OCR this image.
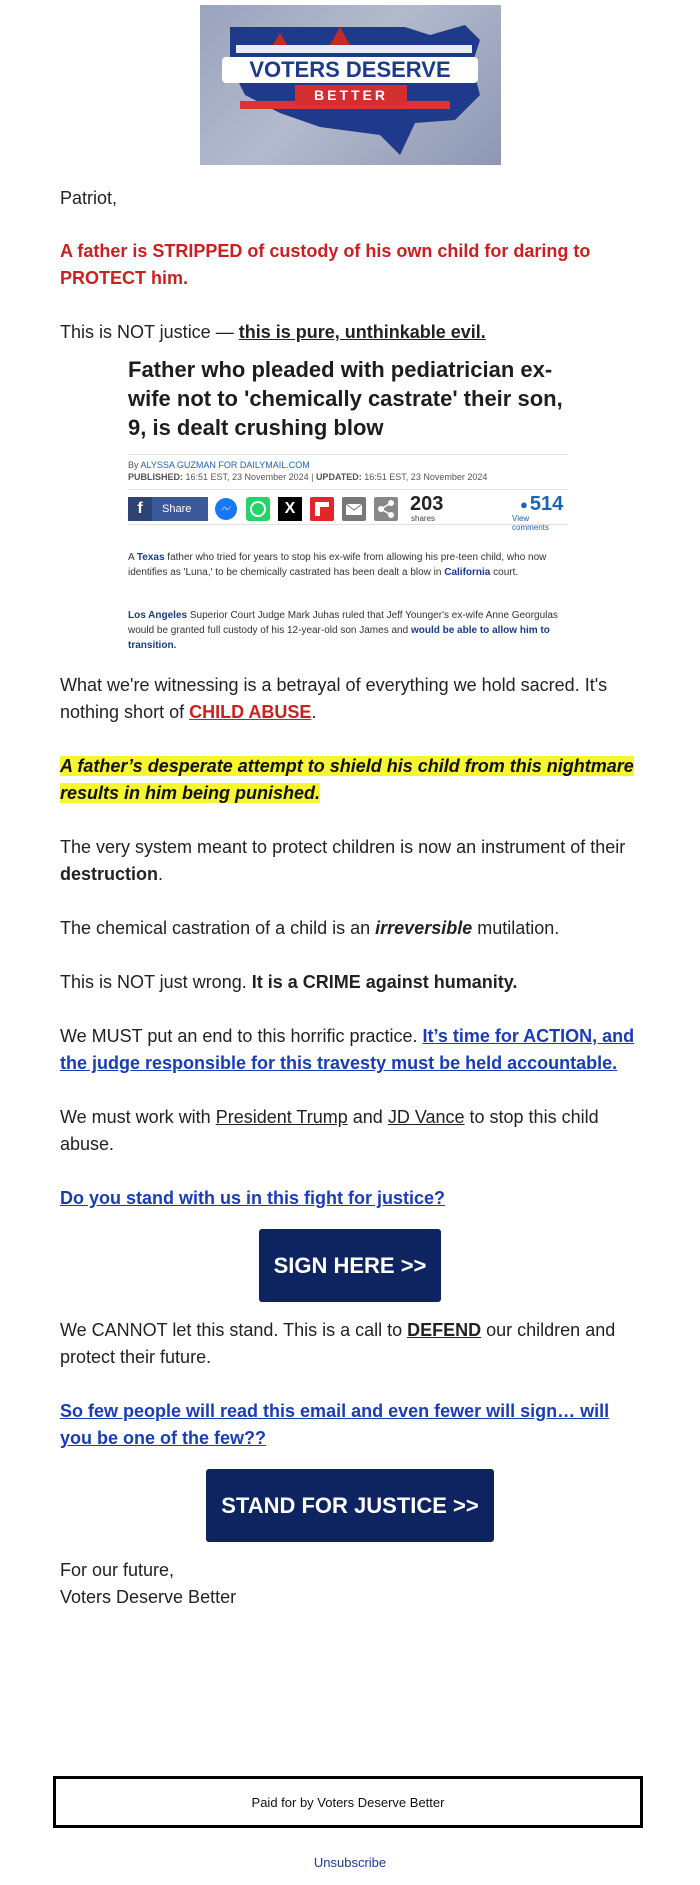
VOTERS DESERVE
BETTER

Patriot,

A father is STRIPPED of custody of his own child for daring to PROTECT him.

This is NOT justice — this is pure, unthinkable evil.

Father who pleaded with pediatrician ex-wife not to 'chemically castrate' their son, 9, is dealt crushing blow
By ALYSSA GUZMAN FOR DAILYMAIL.COM
PUBLISHED: 16:51 EST, 23 November 2024 | UPDATED: 16:51 EST, 23 November 2024
f	Share	X	203
shares
● 514
View comments
A Texas father who tried for years to stop his ex-wife from allowing his pre-teen child, who now identifies as 'Luna,' to be chemically castrated has been dealt a blow in California court.
Los Angeles Superior Court Judge Mark Juhas ruled that Jeff Younger's ex-wife Anne Georgulas would be granted full custody of his 12-year-old son James and would be able to allow him to transition.

What we're witnessing is a betrayal of everything we hold sacred. It's nothing short of CHILD ABUSE.

A father’s desperate attempt to shield his child from this nightmare results in him being punished.

The very system meant to protect children is now an instrument of their destruction.

The chemical castration of a child is an irreversible mutilation.

This is NOT just wrong. It is a CRIME against humanity.

We MUST put an end to this horrific practice. It’s time for ACTION, and the judge responsible for this travesty must be held accountable.

We must work with President Trump and JD Vance to stop this child abuse.

Do you stand with us in this fight for justice?

SIGN HERE >>

We CANNOT let this stand. This is a call to DEFEND our children and protect their future.

So few people will read this email and even fewer will sign… will you be one of the few??

STAND FOR JUSTICE >>

For our future,
Voters Deserve Better

Paid for by Voters Deserve Better
Unsubscribe
